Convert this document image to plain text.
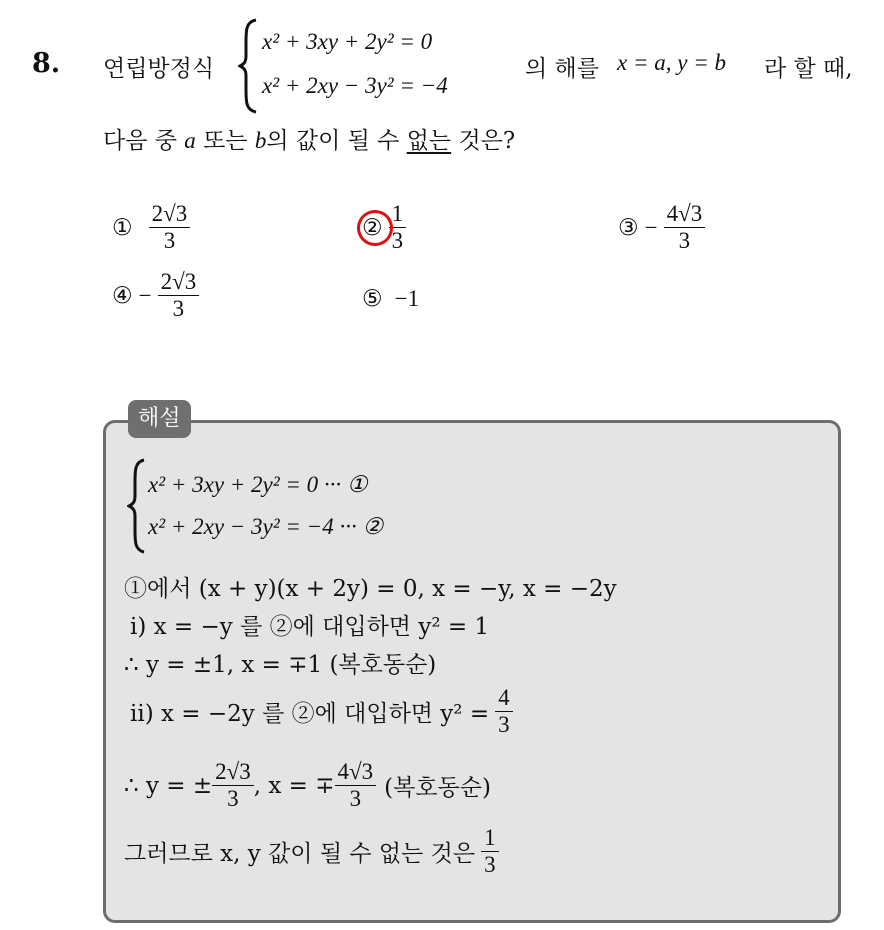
8. 연립방정식
x² + 3xy + 2y² = 0
x² + 2xy − 3y² = −4
의 해를 x = a, y = b 라 할 때,
다음 중 a 또는 b의 값이 될 수 없는 것은?
① $\frac{2√3}{3}$	② $\frac{1}{3}$	③ − $\frac{4√3}{3}$
④ − $\frac{2√3}{3}$	⑤ −1
해설
x² + 3xy + 2y² = 0 ··· ①
x² + 2xy − 3y² = −4 ··· ②
①에서 (x + y)(x + 2y) = 0, x = −y, x = −2y
ⅰ) x = −y 를 ②에 대입하면 y² = 1
∴ y = ±1, x = ∓1 (복호동순)
ⅱ) x = −2y 를 ②에 대입하면 $y^2 = \frac{4}{3}$
∴ y = ± $\frac{2√3}{3}$ , x = ∓ $\frac{4√3}{3}$ (복호동순)
그러므로 x, y 값이 될 수 없는 것은 $\frac{1}{3}$
